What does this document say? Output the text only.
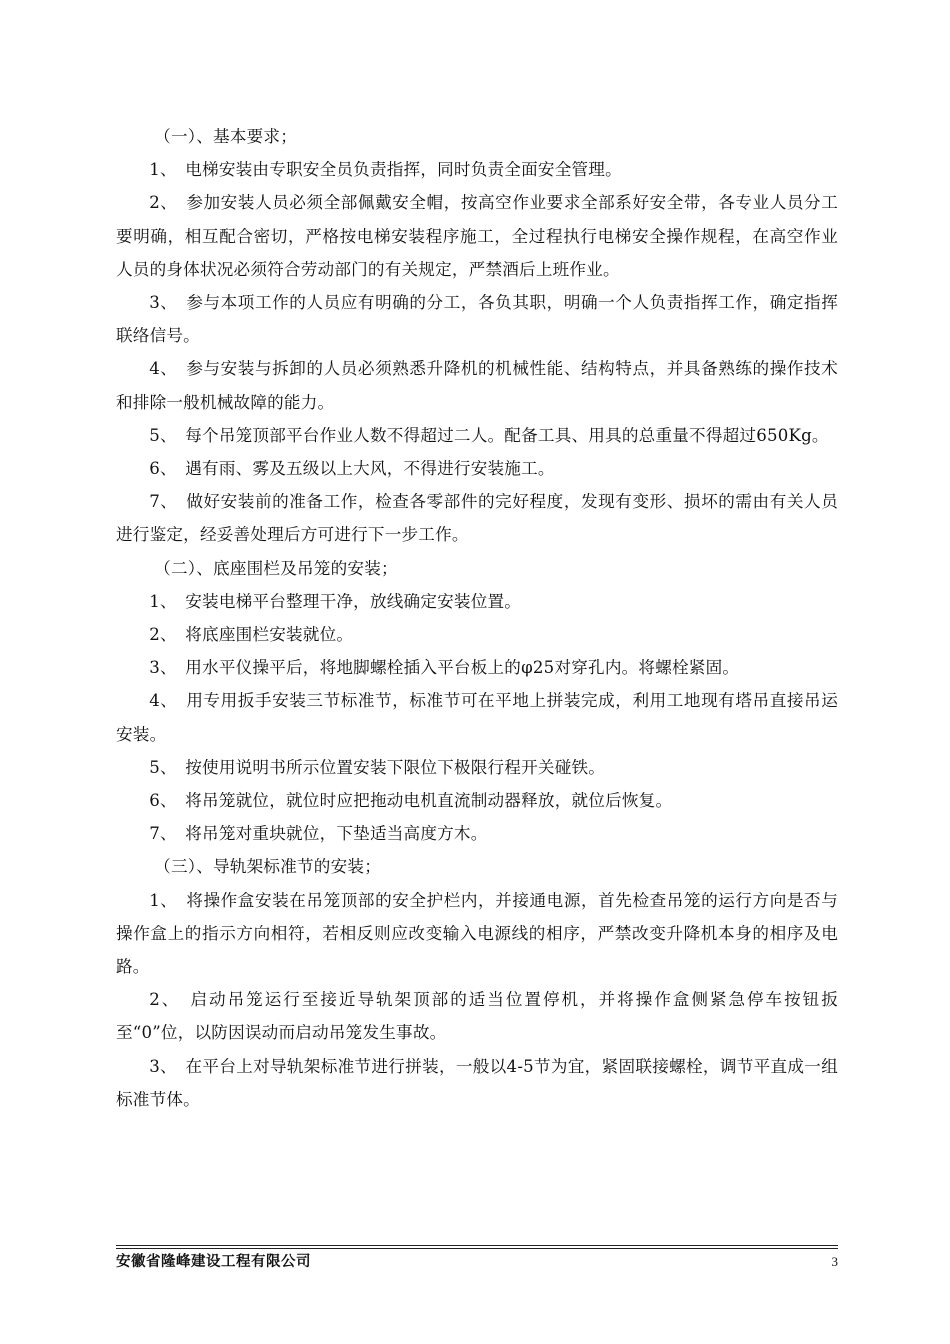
（一）、基本要求；

1、　电梯安装由专职安全员负责指挥，同时负责全面安全管理。

2、　参加安装人员必须全部佩戴安全帽，按高空作业要求全部系好安全带，各专业人员分工要明确，相互配合密切，严格按电梯安装程序施工，全过程执行电梯安全操作规程，在高空作业人员的身体状况必须符合劳动部门的有关规定，严禁酒后上班作业。

3、　参与本项工作的人员应有明确的分工，各负其职，明确一个人负责指挥工作，确定指挥联络信号。

4、　参与安装与拆卸的人员必须熟悉升降机的机械性能、结构特点，并具备熟练的操作技术和排除一般机械故障的能力。

5、　每个吊笼顶部平台作业人数不得超过二人。配备工具、用具的总重量不得超过650Kg。

6、　遇有雨、雾及五级以上大风，不得进行安装施工。

7、　做好安装前的准备工作，检查各零部件的完好程度，发现有变形、损坏的需由有关人员进行鉴定，经妥善处理后方可进行下一步工作。

（二）、底座围栏及吊笼的安装；

1、　安装电梯平台整理干净，放线确定安装位置。

2、　将底座围栏安装就位。

3、　用水平仪操平后，将地脚螺栓插入平台板上的φ25对穿孔内。将螺栓紧固。

4、　用专用扳手安装三节标准节，标准节可在平地上拼装完成，利用工地现有塔吊直接吊运安装。

5、　按使用说明书所示位置安装下限位下极限行程开关碰铁。

6、　将吊笼就位，就位时应把拖动电机直流制动器释放，就位后恢复。

7、　将吊笼对重块就位，下垫适当高度方木。

（三）、导轨架标准节的安装；

1、　将操作盒安装在吊笼顶部的安全护栏内，并接通电源，首先检查吊笼的运行方向是否与操作盒上的指示方向相符，若相反则应改变输入电源线的相序，严禁改变升降机本身的相序及电路。

2、　启动吊笼运行至接近导轨架顶部的适当位置停机，并将操作盒侧紧急停车按钮扳至“0”位，以防因误动而启动吊笼发生事故。

3、　在平台上对导轨架标准节进行拼装，一般以4-5节为宜，紧固联接螺栓，调节平直成一组标准节体。

安徽省隆峰建设工程有限公司	3
